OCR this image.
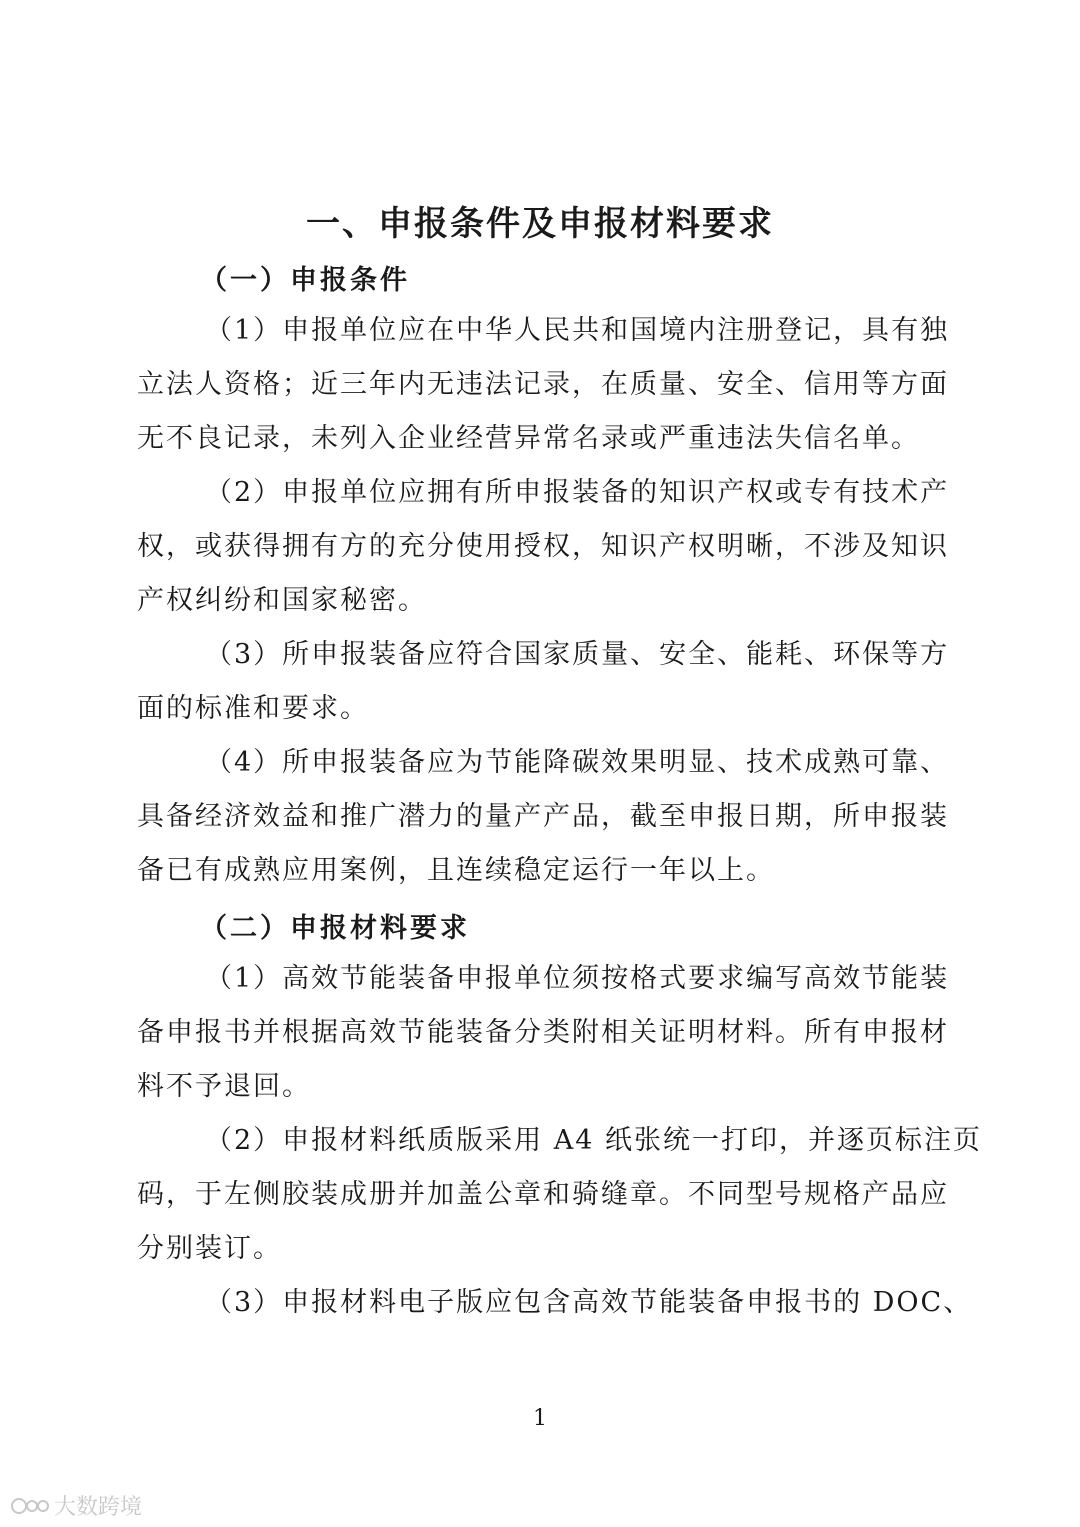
一、申报条件及申报材料要求
（一）申报条件
（1）申报单位应在中华人民共和国境内注册登记，具有独
立法人资格；近三年内无违法记录，在质量、安全、信用等方面
无不良记录，未列入企业经营异常名录或严重违法失信名单。
（2）申报单位应拥有所申报装备的知识产权或专有技术产
权，或获得拥有方的充分使用授权，知识产权明晰，不涉及知识
产权纠纷和国家秘密。
（3）所申报装备应符合国家质量、安全、能耗、环保等方
面的标准和要求。
（4）所申报装备应为节能降碳效果明显、技术成熟可靠、
具备经济效益和推广潜力的量产产品，截至申报日期，所申报装
备已有成熟应用案例，且连续稳定运行一年以上。
（二）申报材料要求
（1）高效节能装备申报单位须按格式要求编写高效节能装
备申报书并根据高效节能装备分类附相关证明材料。所有申报材
料不予退回。
（2）申报材料纸质版采用 A4 纸张统一打印，并逐页标注页
码，于左侧胶装成册并加盖公章和骑缝章。不同型号规格产品应
分别装订。
（3）申报材料电子版应包含高效节能装备申报书的 DOC、
1
大数跨境
